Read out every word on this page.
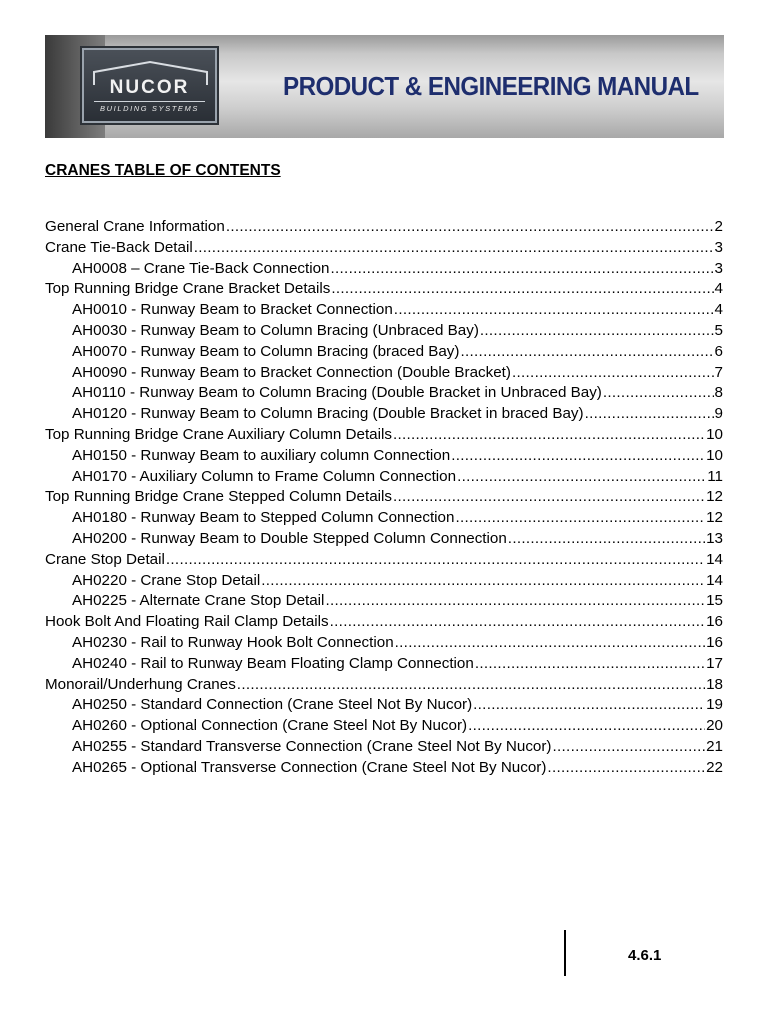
NUCOR
BUILDING SYSTEMS
PRODUCT & ENGINEERING MANUAL
CRANES TABLE OF CONTENTS
General Crane Information .....	2
Crane Tie-Back Detail .....	3
AH0008 – Crane Tie-Back Connection .....	3
Top Running Bridge Crane Bracket Details .....	4
AH0010 - Runway Beam to Bracket Connection .....	4
AH0030 - Runway Beam to Column Bracing (Unbraced Bay) .....	5
AH0070 - Runway Beam to Column Bracing (braced Bay) .....	6
AH0090 - Runway Beam to Bracket Connection (Double Bracket) .....	7
AH0110 - Runway Beam to Column Bracing (Double Bracket in Unbraced Bay) .....	8
AH0120 - Runway Beam to Column Bracing (Double Bracket in braced Bay) .....	9
Top Running Bridge Crane Auxiliary Column Details .....	10
AH0150 - Runway Beam to auxiliary column Connection .....	10
AH0170 - Auxiliary Column to Frame Column Connection .....	11
Top Running Bridge Crane Stepped Column Details .....	12
AH0180 - Runway Beam to Stepped Column Connection .....	12
AH0200 - Runway Beam to Double Stepped Column Connection .....	13
Crane Stop Detail .....	14
AH0220 - Crane Stop Detail .....	14
AH0225 - Alternate Crane Stop Detail .....	15
Hook Bolt And Floating Rail Clamp Details .....	16
AH0230 - Rail to Runway Hook Bolt Connection .....	16
AH0240 - Rail to Runway Beam Floating Clamp Connection .....	17
Monorail/Underhung Cranes .....	18
AH0250 - Standard Connection (Crane Steel Not By Nucor) .....	19
AH0260 - Optional Connection (Crane Steel Not By Nucor) .....	20
AH0255 - Standard Transverse Connection (Crane Steel Not By Nucor) .....	21
AH0265 - Optional Transverse Connection (Crane Steel Not By Nucor) .....	22
4.6.1
